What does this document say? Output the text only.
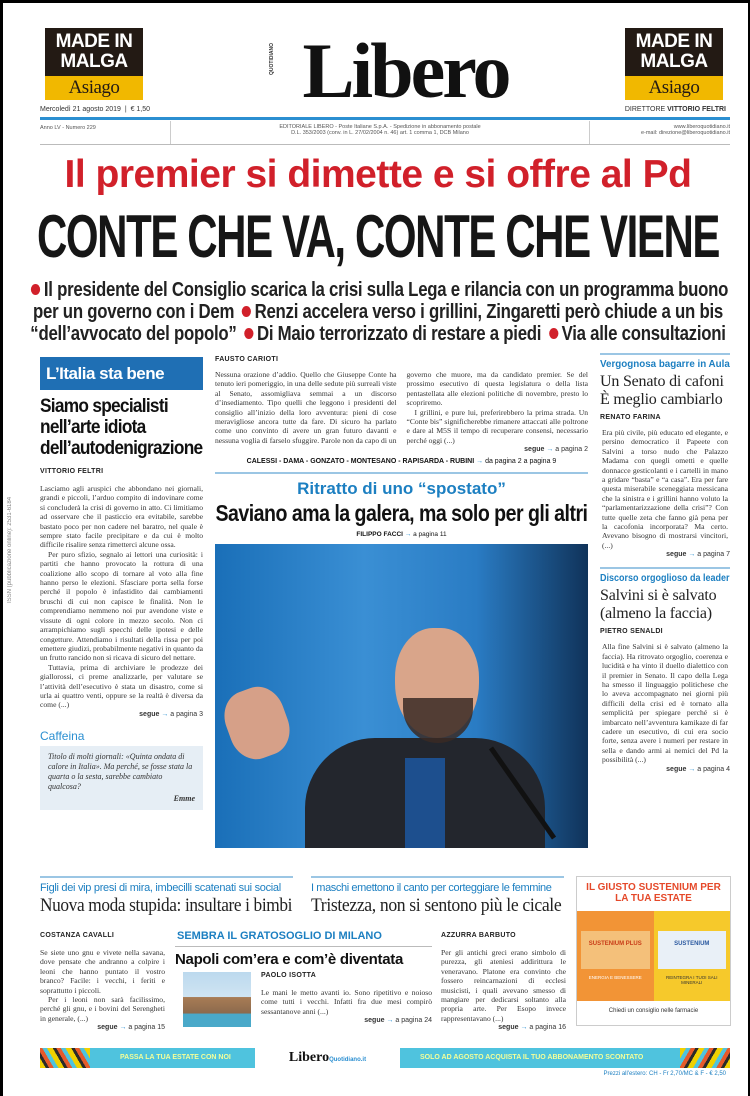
ISSN (pubblicazione online): 2531-6184
MADE IN
MALGA
Asiago
MADE IN
MALGA
Asiago
Libero
QUOTIDIANO
Mercoledì 21 agosto 2019  |  € 1,50	DIRETTORE VITTORIO FELTRI
Anno LV - Numero 229	EDITORIALE LIBERO - Poste Italiane S.p.A. - Spedizione in abbonamento postale
D.L. 353/2003 (conv. in L. 27/02/2004 n. 46) art. 1 comma 1, DCB Milano
www.liberoquotidiano.it
e-mail: direzione@liberoquotidiano.it
Il premier si dimette e si offre al Pd
CONTE CHE VA, CONTE CHE VIENE
Il presidente del Consiglio scarica la crisi sulla Lega e rilancia con un programma buono per un governo con i Dem Renzi accelera verso i grillini, Zingaretti però chiude a un bis “dell’avvocato del popolo” Di Maio terrorizzato di restare a piedi Via alle consultazioni
L’Italia sta bene
Siamo specialisti nell’arte idiota dell’autodenigrazione
VITTORIO FELTRI

Lasciamo agli aruspici che abbondano nei giornali, grandi e piccoli, l’arduo compito di indovinare come si concluderà la crisi di governo in atto. Ci limitiamo ad osservare che il pasticcio era evitabile, sarebbe bastato poco per non cadere nel baratro, nel quale è sempre stato facile precipitare e da cui è molto difficile risalire senza rimetterci alcune ossa.

Per puro sfizio, segnalo ai lettori una curiosità: i partiti che hanno provocato la rottura di una coalizione allo scopo di tornare al voto alla fine hanno perso le elezioni. Sfasciare porta sella forse perché il popolo è infastidito dai cambiamenti bruschi di cui non capisce le finalità. Non le comprendiamo nemmeno noi pur avendone viste e vissute di ogni colore in mezzo secolo. Non ci arrampichiamo sugli specchi delle ipotesi e delle congetture. Attendiamo i risultati della rissa per poi emettere giudizi, probabilmente negativi in quanto da un frutto rancido non si ricava di sicuro del nettare.

Tuttavia, prima di archiviare le prodezze dei giallorossi, ci preme analizzarle, per valutare se l’attività dell’esecutivo è stata un disastro, come si urla ai quattro venti, oppure se la realtà è diversa da come (...)

segue → a pagina 3
Caffeina
Titolo di molti giornali: «Quinta ondata di calore in Italia». Ma perché, se fosse stata la quarta o la sesta, sarebbe cambiato qualcosa?
Emme
FAUSTO CARIOTI

Nessuna orazione d’addio. Quello che Giuseppe Conte ha tenuto ieri pomeriggio, in una delle sedute più surreali viste al Senato, assomigliava semmai a un discorso d’insediamento. Tipo quelli che leggono i presidenti del consiglio all’inizio della loro avventura: pieni di cose meravigliose ancora tutte da fare. Di sicuro ha parlato come uno convinto di avere un gran futuro davanti e nessuna voglia di farselo sfuggire. Parole non da capo di un governo che muore, ma da candidato premier. Se del prossimo esecutivo di questa legislatura o della lista pentastellata alle elezioni politiche di novembre, presto lo scopriremo.

I grillini, e pure lui, preferirebbero la prima strada. Un “Conte bis” significherebbe rimanere attaccati alle poltrone e dare al M5S il tempo di recuperare consensi, necessario perché oggi (...)

segue → a pagina 2
CALESSI - DAMA - GONZATO - MONTESANO - RAPISARDA - RUBINI → da pagina 2 a pagina 9
Ritratto di uno “spostato”
Saviano ama la galera, ma solo per gli altri
FILIPPO FACCI → a pagina 11
Vergognosa bagarre in Aula
Un Senato di cafoni È meglio cambiarlo
RENATO FARINA

Era più civile, più educato ed elegante, e persino democratico il Papeete con Salvini a torso nudo che Palazzo Madama con quegli ometti e quelle donnacce gesticolanti e i cartelli in mano a gridare “basta” e “a casa”. Era per fare questa miserabile sceneggiata messicana che la sinistra e i grillini hanno voluto la “parlamentarizzazione della crisi”? Con tutte quelle zeta che fanno già pena per la cacofonia incorporata? Ma certo. Avevano bisogno di mostrarsi vincitori, (...)

segue → a pagina 7
Discorso orgoglioso da leader
Salvini si è salvato (almeno la faccia)
PIETRO SENALDI

Alla fine Salvini si è salvato (almeno la faccia). Ha ritrovato orgoglio, coerenza e lucidità e ha vinto il duello dialettico con il premier in Senato. Il capo della Lega ha smesso il linguaggio politichese che lo aveva accompagnato nei giorni più difficili della crisi ed è tornato alla semplicità per spiegare perché si è imbarcato nell’avventura kamikaze di far cadere un esecutivo, di cui era socio forte, senza avere i numeri per restare in sella e dando armi ai nemici del Pd la possibilità (...)

segue → a pagina 4
Figli dei vip presi di mira, imbecilli scatenati sui social
Nuova moda stupida: insultare i bimbi
COSTANZA CAVALLI

Se siete uno gnu e vivete nella savana, dove pensate che andranno a colpire i leoni che hanno puntato il vostro branco? Facile: i vecchi, i feriti e soprattutto i piccoli.

Per i leoni non sarà facilissimo, perché gli gnu, e i bovini del Serengheti in generale, (...)

segue → a pagina 15
SEMBRA IL GRATOSOGLIO DI MILANO
Napoli com’era e com’è diventata
PAOLO ISOTTA

Le mani le metto avanti io. Sono ripetitivo e noioso come tutti i vecchi. Infatti fra due mesi compirò sessantanove anni (...)

segue → a pagina 24
I maschi emettono il canto per corteggiare le femmine
Tristezza, non si sentono più le cicale
AZZURRA BARBUTO

Per gli antichi greci erano simbolo di purezza, gli ateniesi addirittura le veneravano. Platone era convinto che fossero reincarnazioni di ecclesi musicisti, i quali avevano smesso di mangiare per dedicarsi soltanto alla propria arte. Per Esopo invece rappresentavano (...)

segue → a pagina 16
IL GIUSTO SUSTENIUM PER LA TUA ESTATE
SUSTENIUM PLUS
ENERGIA E BENESSERE
SUSTENIUM
REINTEGRA I TUOI SALI MINERALI
Chiedi un consiglio nelle farmacie
PASSA LA TUA ESTATE CON NOI	LiberoQuotidiano.it	SOLO AD AGOSTO ACQUISTA IL TUO ABBONAMENTO SCONTATO
Prezzi all'estero: CH - Fr 2,70/MC & F - € 2,50
